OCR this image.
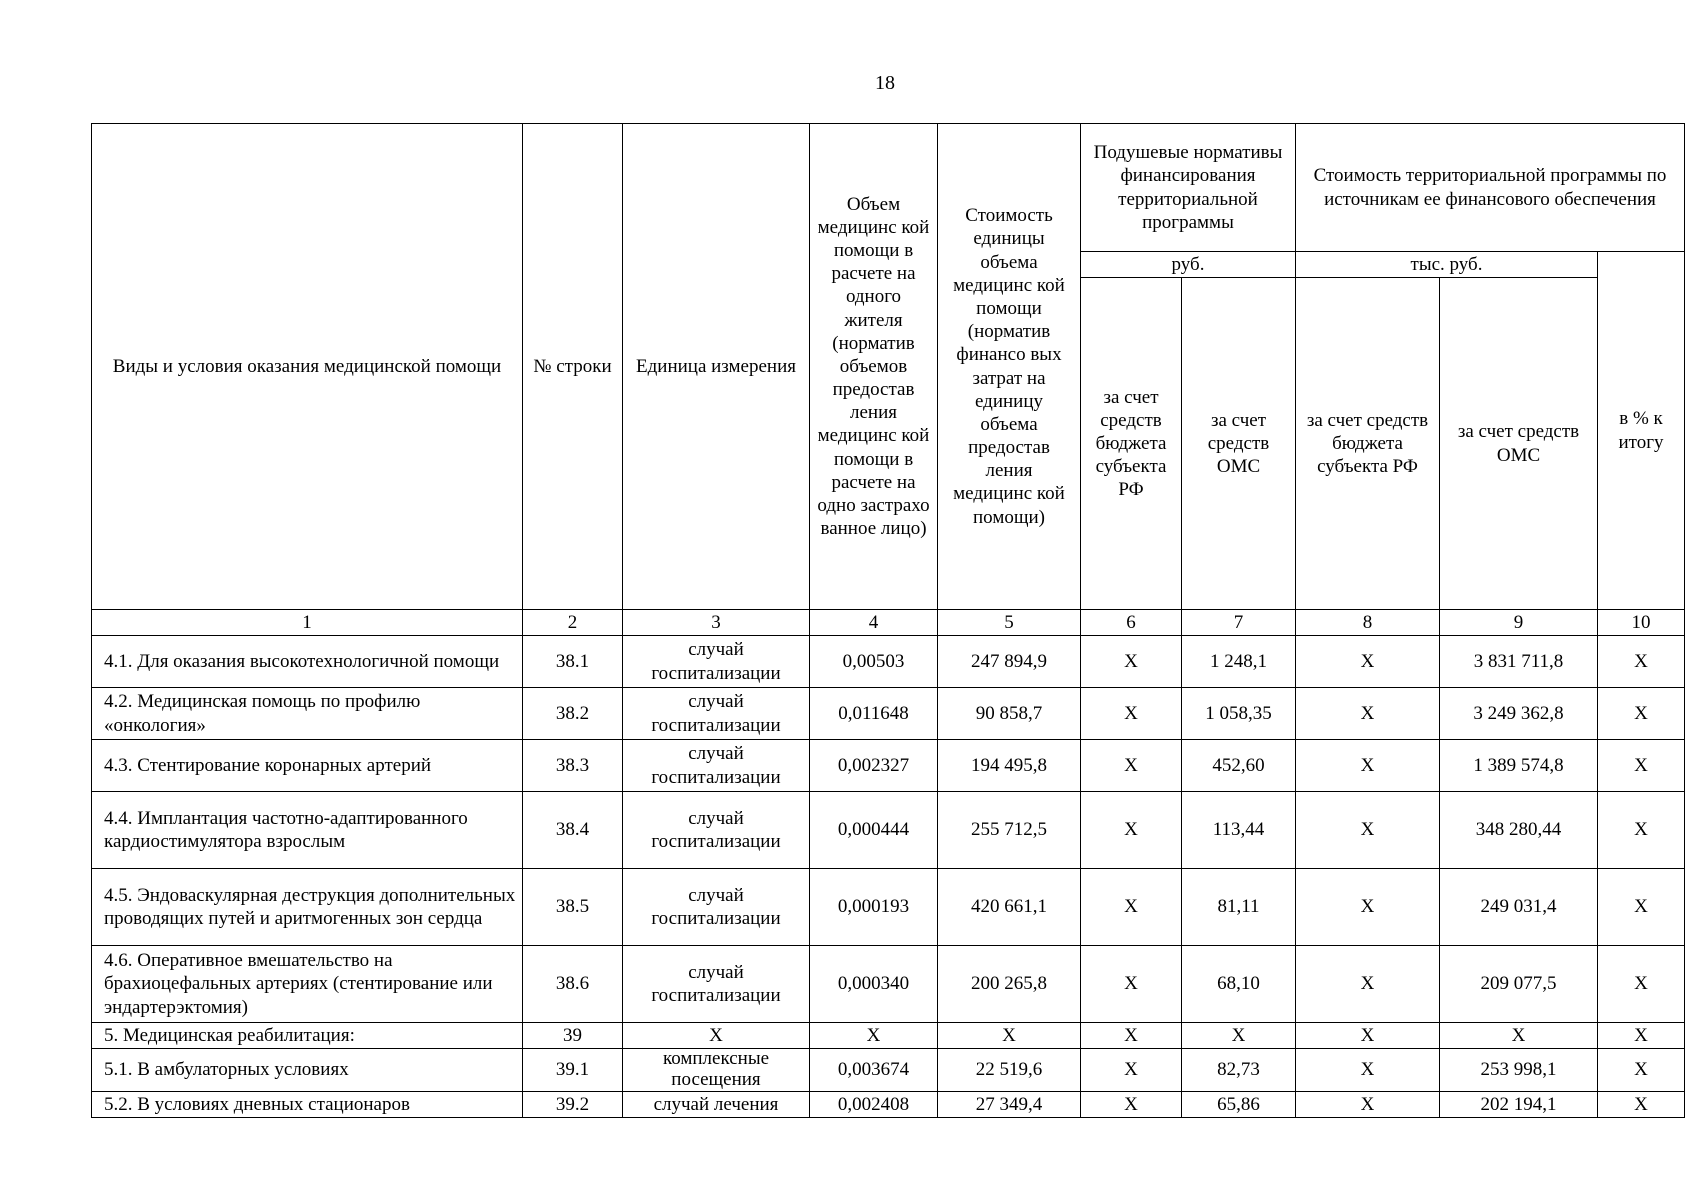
18
Виды и условия оказания медицинской помощи	№ строки	Единица измерения	Объем медицинс кой помощи в расчете на одного жителя (норматив объемов предостав ления медицинс кой помощи в расчете на одно застрахо ванное лицо)	Стоимость единицы объема медицинс кой помощи (норматив финансо вых затрат на единицу объема предостав ления медицинс кой помощи)	Подушевые нормативы финансирования территориальной программы		Стоимость территориальной программы по источникам ее финансового обеспечения		
					руб.		тыс. руб.		в % к итогу
					за счет средств бюджета субъекта РФ	за счет средств ОМС	за счет средств бюджета субъекта РФ	за счет средств ОМС	
1	2	3	4	5	6	7	8	9	10
4.1. Для оказания высокотехнологичной помощи	38.1	случай госпитализации	0,00503	247 894,9	Х	1 248,1	Х	3 831 711,8	Х
4.2. Медицинская помощь по профилю «онкология»	38.2	случай госпитализации	0,011648	90 858,7	Х	1 058,35	Х	3 249 362,8	Х
4.3. Стентирование коронарных артерий	38.3	случай госпитализации	0,002327	194 495,8	Х	452,60	Х	1 389 574,8	Х
4.4. Имплантация частотно-адаптированного кардиостимулятора взрослым	38.4	случай госпитализации	0,000444	255 712,5	Х	113,44	Х	348 280,44	Х
4.5. Эндоваскулярная деструкция дополнительных проводящих путей и аритмогенных зон сердца	38.5	случай госпитализации	0,000193	420 661,1	Х	81,11	Х	249 031,4	Х
4.6. Оперативное вмешательство на брахиоцефальных артериях (стентирование или эндартерэктомия)	38.6	случай госпитализации	0,000340	200 265,8	Х	68,10	Х	209 077,5	Х
5. Медицинская реабилитация:	39	Х	Х	Х	Х	Х	Х	Х	Х
5.1. В амбулаторных условиях	39.1	комплексные посещения	0,003674	22 519,6	Х	82,73	Х	253 998,1	Х
5.2. В условиях дневных стационаров	39.2	случай лечения	0,002408	27 349,4	Х	65,86	Х	202 194,1	Х
